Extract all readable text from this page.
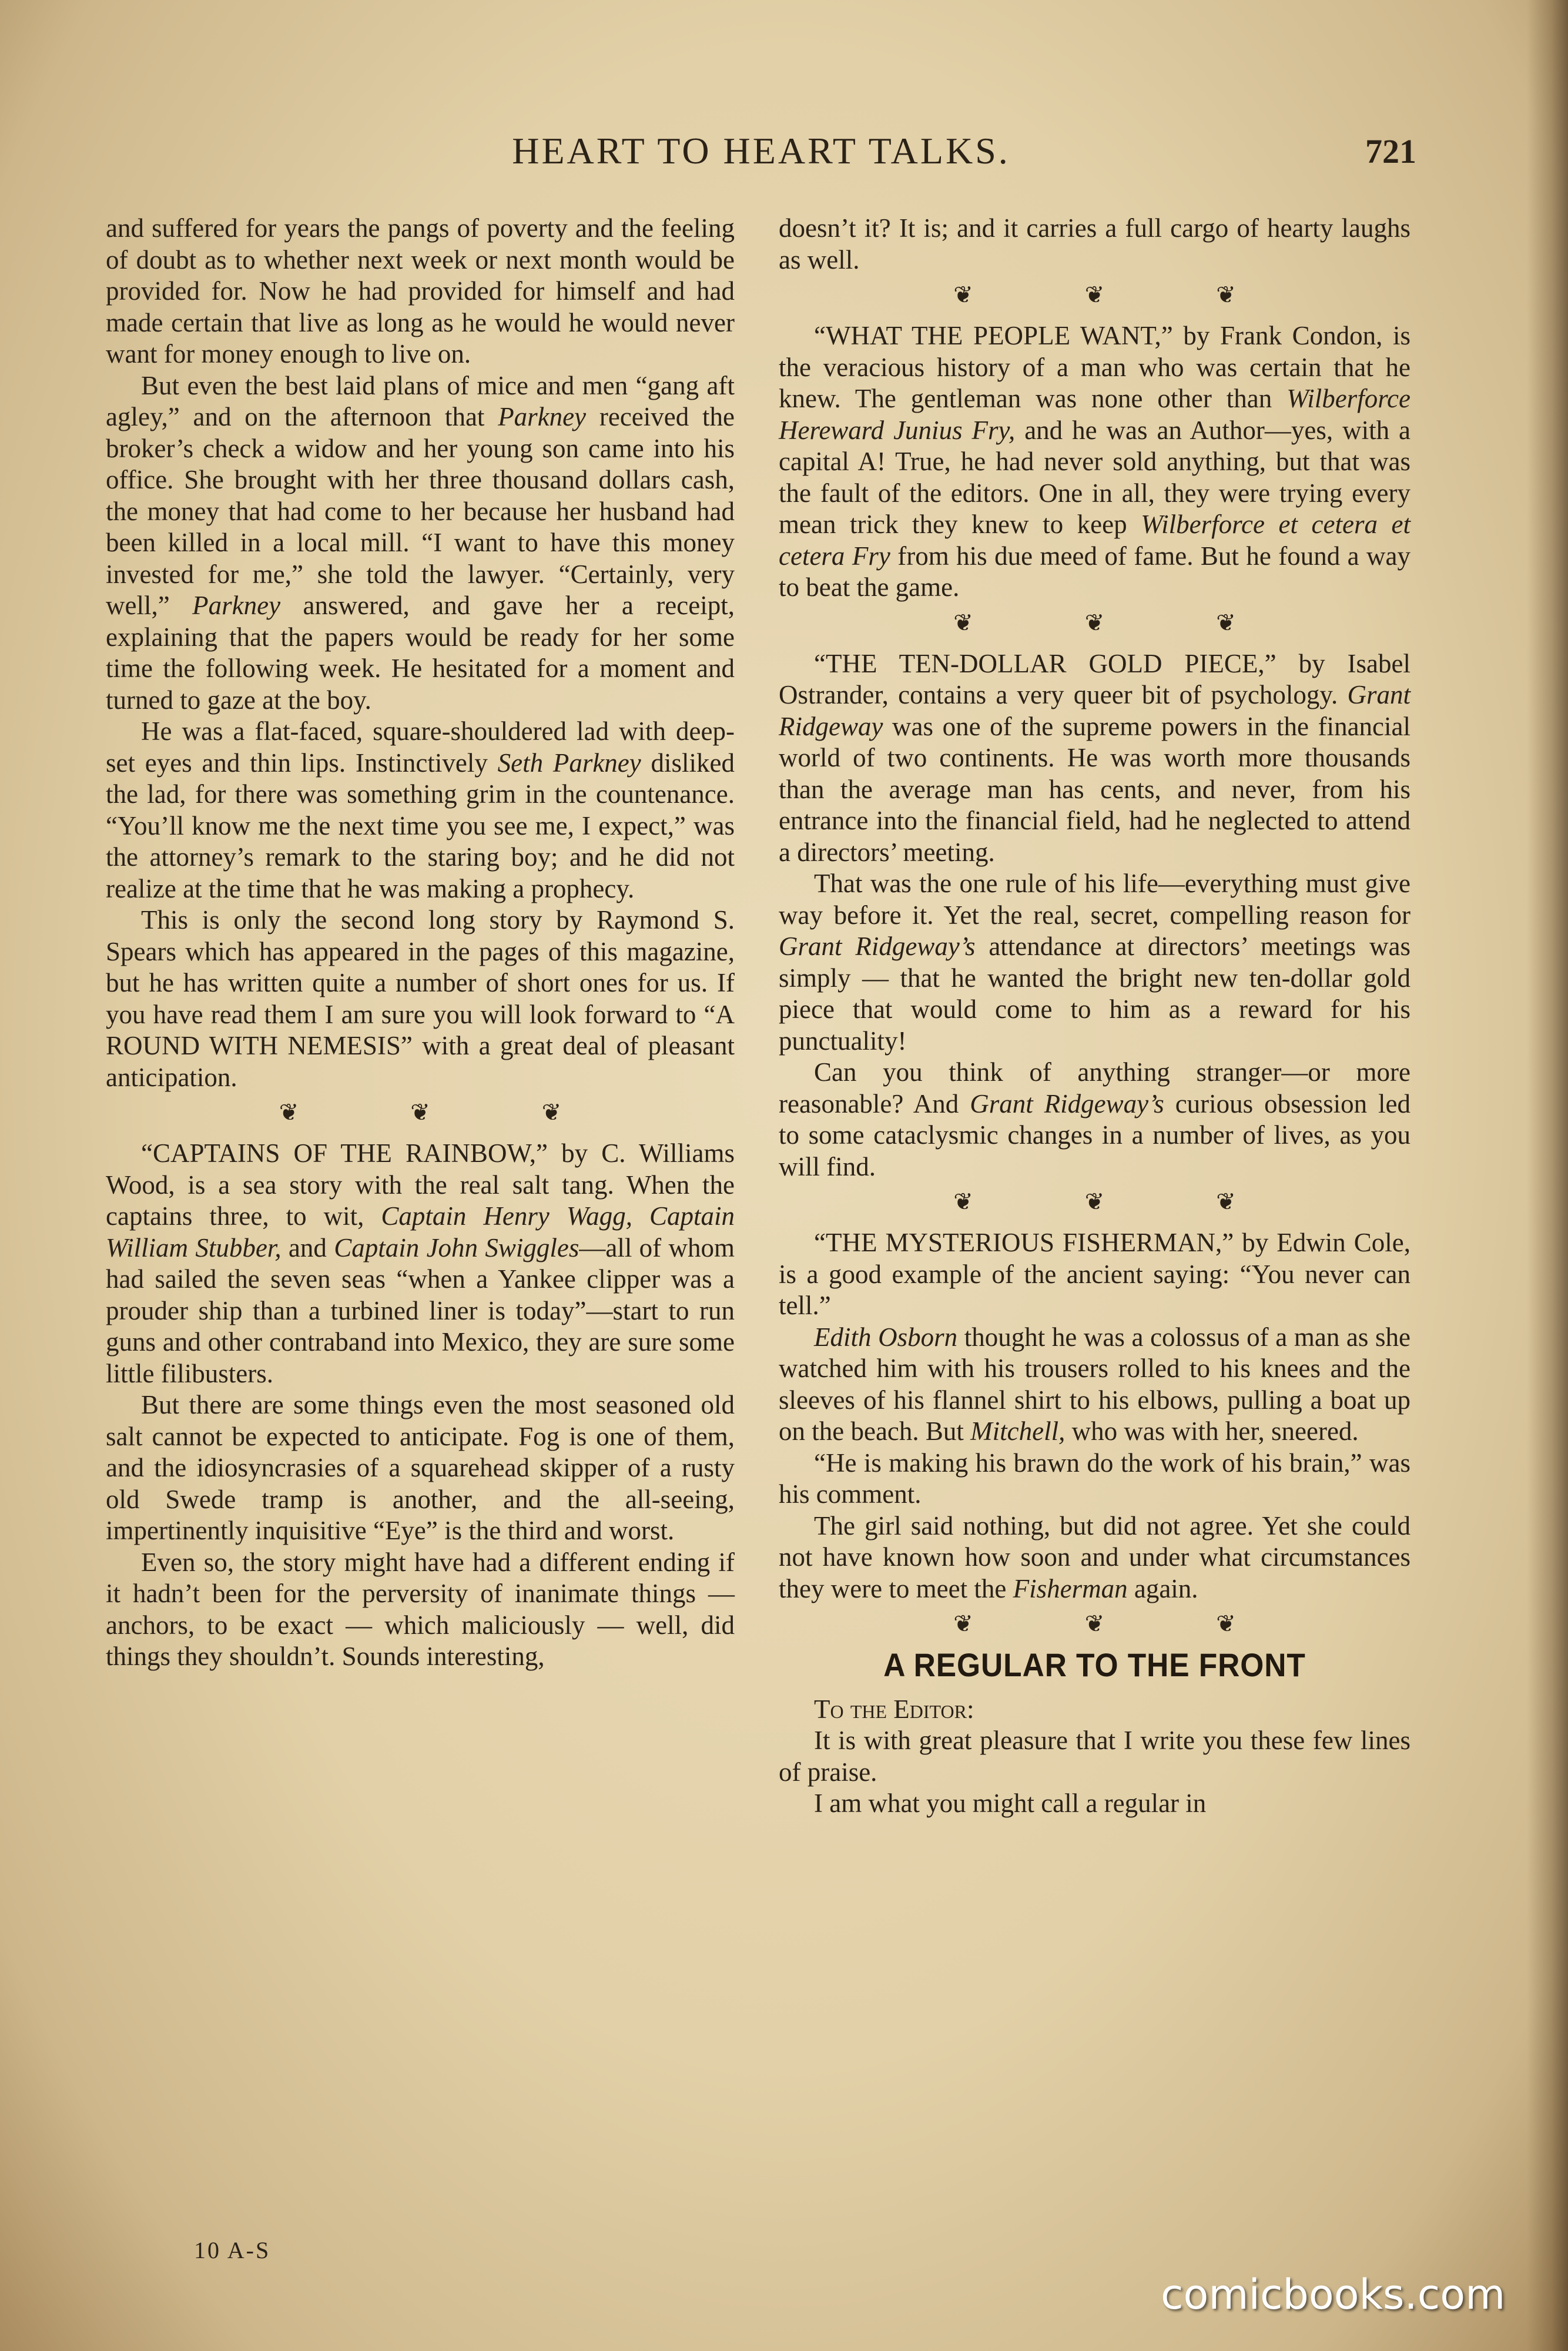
HEART TO HEART TALKS.	721

and suffered for years the pangs of poverty and the feeling of doubt as to whether next week or next month would be provided for. Now he had provided for himself and had made certain that live as long as he would he would never want for money enough to live on.

But even the best laid plans of mice and men “gang aft agley,” and on the afternoon that Parkney received the broker’s check a widow and her young son came into his office. She brought with her three thousand dollars cash, the money that had come to her because her husband had been killed in a local mill. “I want to have this money invested for me,” she told the lawyer. “Certainly, very well,” Parkney answered, and gave her a receipt, explaining that the papers would be ready for her some time the following week. He hesitated for a moment and turned to gaze at the boy.

He was a flat-faced, square-shouldered lad with deep-set eyes and thin lips. Instinctively Seth Parkney disliked the lad, for there was something grim in the countenance. “You’ll know me the next time you see me, I expect,” was the attorney’s remark to the staring boy; and he did not realize at the time that he was making a prophecy.

This is only the second long story by Raymond S. Spears which has appeared in the pages of this magazine, but he has written quite a number of short ones for us. If you have read them I am sure you will look forward to “A ROUND WITH NEMESIS” with a great deal of pleasant anticipation.

❦	❦	❦

“CAPTAINS OF THE RAINBOW,” by C. Williams Wood, is a sea story with the real salt tang. When the captains three, to wit, Captain Henry Wagg, Captain William Stubber, and Captain John Swiggles—all of whom had sailed the seven seas “when a Yankee clipper was a prouder ship than a turbined liner is today”—start to run guns and other contraband into Mexico, they are sure some little filibusters.

But there are some things even the most seasoned old salt cannot be expected to anticipate. Fog is one of them, and the idiosyncrasies of a squarehead skipper of a rusty old Swede tramp is another, and the all-seeing, impertinently inquisitive “Eye” is the third and worst.

Even so, the story might have had a different ending if it hadn’t been for the perversity of inanimate things — anchors, to be exact — which maliciously — well, did things they shouldn’t. Sounds interesting,

doesn’t it? It is; and it carries a full cargo of hearty laughs as well.

❦	❦	❦

“WHAT THE PEOPLE WANT,” by Frank Condon, is the veracious history of a man who was certain that he knew. The gentleman was none other than Wilberforce Hereward Junius Fry, and he was an Author—yes, with a capital A! True, he had never sold anything, but that was the fault of the editors. One in all, they were trying every mean trick they knew to keep Wilberforce et cetera et cetera Fry from his due meed of fame. But he found a way to beat the game.

❦	❦	❦

“THE TEN-DOLLAR GOLD PIECE,” by Isabel Ostrander, contains a very queer bit of psychology. Grant Ridgeway was one of the supreme powers in the financial world of two continents. He was worth more thousands than the average man has cents, and never, from his entrance into the financial field, had he neglected to attend a directors’ meeting.

That was the one rule of his life—everything must give way before it. Yet the real, secret, compelling reason for Grant Ridgeway’s attendance at directors’ meetings was simply — that he wanted the bright new ten-dollar gold piece that would come to him as a reward for his punctuality!

Can you think of anything stranger—or more reasonable? And Grant Ridgeway’s curious obsession led to some cataclysmic changes in a number of lives, as you will find.

❦	❦	❦

“THE MYSTERIOUS FISHERMAN,” by Edwin Cole, is a good example of the ancient saying: “You never can tell.”

Edith Osborn thought he was a colossus of a man as she watched him with his trousers rolled to his knees and the sleeves of his flannel shirt to his elbows, pulling a boat up on the beach. But Mitchell, who was with her, sneered.

“He is making his brawn do the work of his brain,” was his comment.

The girl said nothing, but did not agree. Yet she could not have known how soon and under what circumstances they were to meet the Fisherman again.

❦	❦	❦
A REGULAR TO THE FRONT

To the Editor:

It is with great pleasure that I write you these few lines of praise.

I am what you might call a regular in

10 A-S
comicbooks.com
